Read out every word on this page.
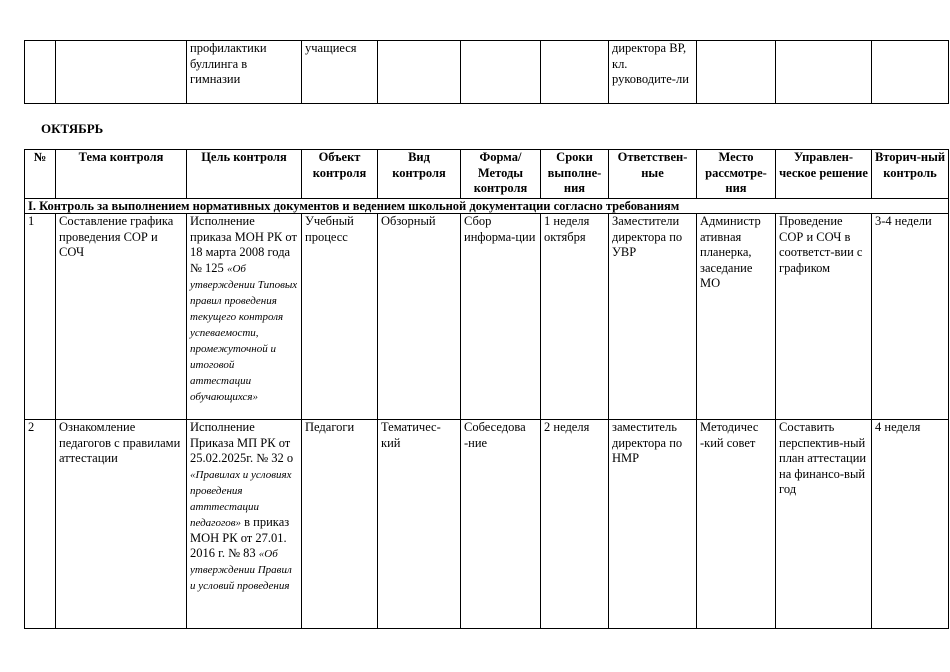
		профилактики буллинга в гимназии	учащиеся				директора ВР, кл. руководите-ли			
ОКТЯБРЬ
№	Тема контроля	Цель контроля	Объект контроля	Вид контроля	Форма/ Методы контроля	Сроки выполне-ния	Ответствен-ные	Место рассмотре-ния	Управлен-ческое решение	Вторич-ный контроль
I. Контроль за выполнением нормативных документов и ведением школьной документации согласно требованиям										
1	Составление графика проведения СОР и СОЧ	Исполнение приказа МОН РК от 18 марта 2008 года № 125 «Об утверждении Типовых правил проведения текущего контроля успеваемости, промежуточной и итоговой аттестации обучающихся»	Учебный процесс	Обзорный	Сбор информа-ции	1 неделя октября	Заместители директора по УВР	Администр ативная планерка, заседание МО	Проведение СОР и СОЧ в соответст-вии с графиком	3-4 недели
2	Ознакомление педагогов с правилами аттестации	Исполнение Приказа МП РК от 25.02.2025г. № 32 о «Правилах и условиях проведения атттестации педагогов» в приказ МОН РК от 27.01. 2016 г. № 83 «Об утверждении Правил и условий проведения	Педагоги	Тематичес-кий	Собеседова -ние	2 неделя	заместитель директора по НМР	Методичес -кий совет	Составить перспектив-ный план аттестации на финансо-вый год	4 неделя
